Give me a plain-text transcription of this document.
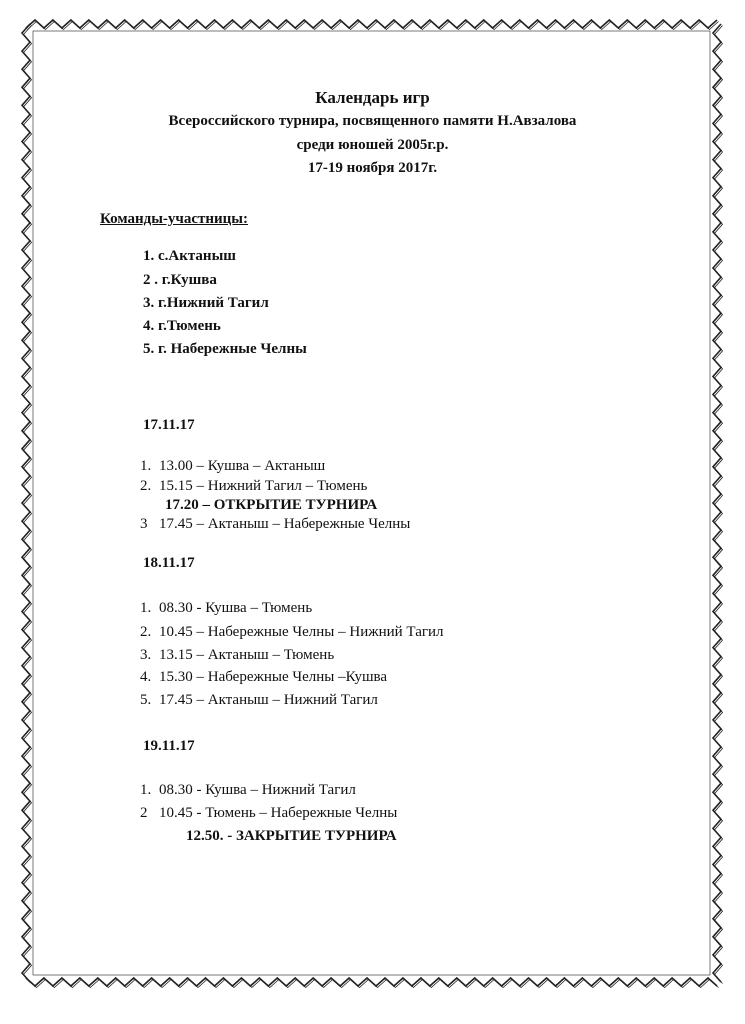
Календарь игр

Всероссийского турнира, посвященного памяти Н.Авзалова

среди юношей 2005г.р.

17-19 ноября 2017г.

Команды-участницы:

1. с.Актаныш

2 . г.Кушва

3. г.Нижний Тагил

4. г.Тюмень

5. г. Набережные Челны

17.11.17

1. 13.00 – Кушва – Актаныш

2. 15.15 – Нижний Тагил – Тюмень

17.20 – ОТКРЫТИЕ ТУРНИРА

3 17.45 – Актаныш – Набережные Челны

18.11.17

1. 08.30 - Кушва – Тюмень

2. 10.45 – Набережные Челны – Нижний Тагил

3. 13.15 – Актаныш – Тюмень

4. 15.30 – Набережные Челны –Кушва

5. 17.45 – Актаныш – Нижний Тагил

19.11.17

1. 08.30 - Кушва – Нижний Тагил

2 10.45 - Тюмень – Набережные Челны

12.50. - ЗАКРЫТИЕ ТУРНИРА
